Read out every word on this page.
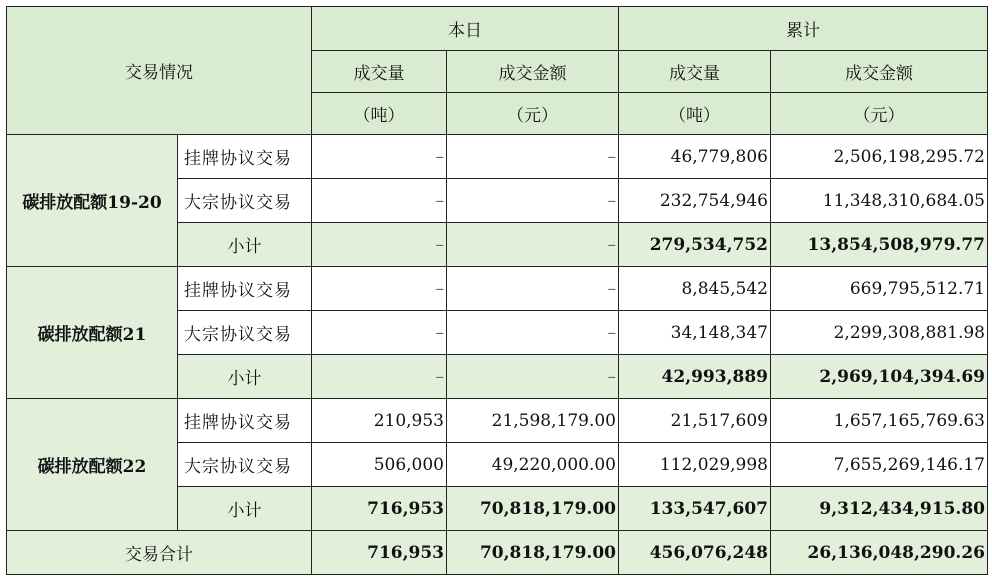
交易情况		本日		累计	
		成交量	成交金额	成交量	成交金额
		（吨）	（元）	（吨）	（元）
碳排放配额19-20	挂牌协议交易	–	–	46,779,806	2,506,198,295.72
	大宗协议交易	–	–	232,754,946	11,348,310,684.05
	小计	–	–	279,534,752	13,854,508,979.77
碳排放配额21	挂牌协议交易	–	–	8,845,542	669,795,512.71
	大宗协议交易	–	–	34,148,347	2,299,308,881.98
	小计	–	–	42,993,889	2,969,104,394.69
碳排放配额22	挂牌协议交易	210,953	21,598,179.00	21,517,609	1,657,165,769.63
	大宗协议交易	506,000	49,220,000.00	112,029,998	7,655,269,146.17
	小计	716,953	70,818,179.00	133,547,607	9,312,434,915.80
交易合计		716,953	70,818,179.00	456,076,248	26,136,048,290.26
